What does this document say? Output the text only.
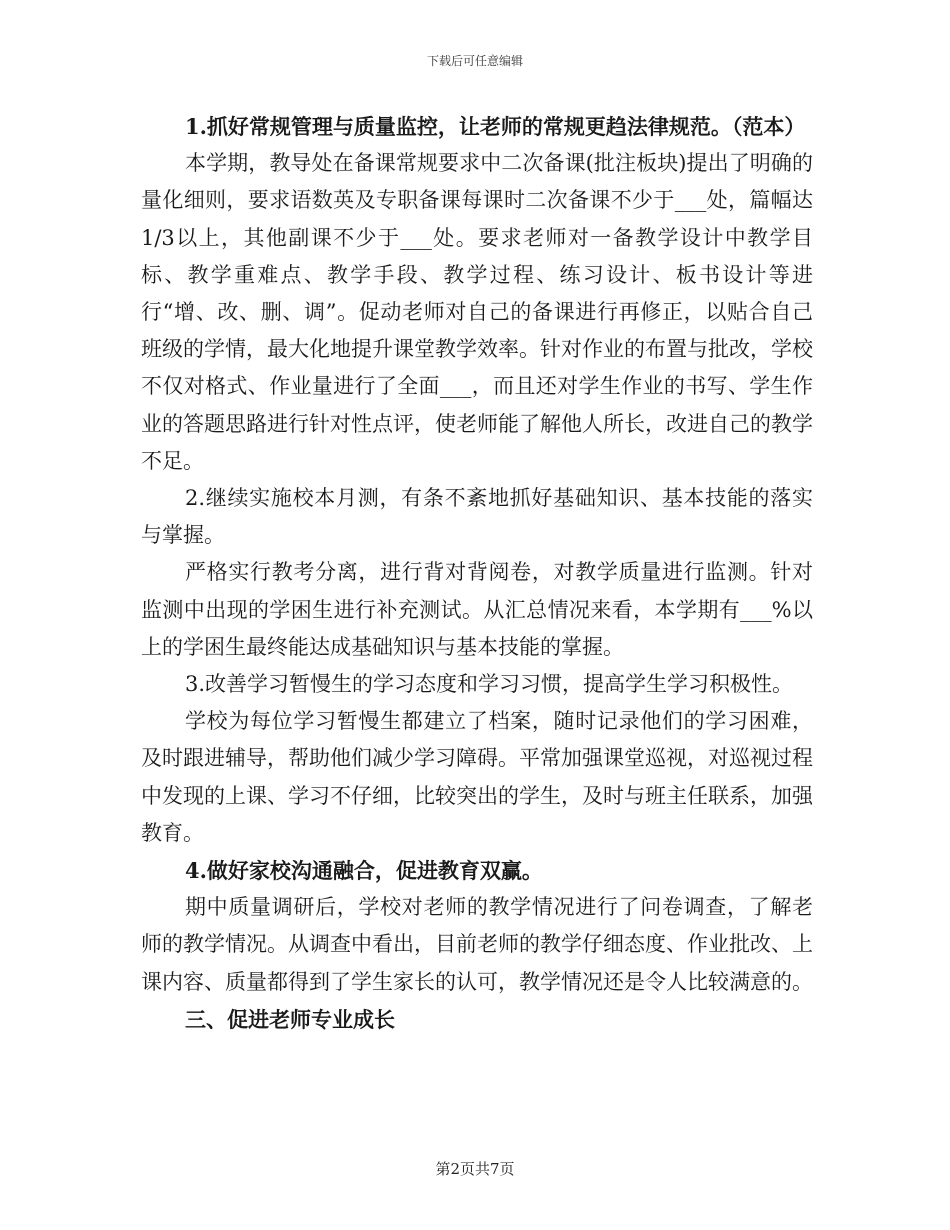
下载后可任意编辑

1.抓好常规管理与质量监控，让老师的常规更趋法律规范。（范本）

本学期，教导处在备课常规要求中二次备课(批注板块)提出了明确的量化细则，要求语数英及专职备课每课时二次备课不少于___处，篇幅达1/3以上，其他副课不少于___处。要求老师对一备教学设计中教学目标、教学重难点、教学手段、教学过程、练习设计、板书设计等进行“增、改、删、调”。促动老师对自己的备课进行再修正，以贴合自己班级的学情，最大化地提升课堂教学效率。针对作业的布置与批改，学校不仅对格式、作业量进行了全面___，而且还对学生作业的书写、学生作业的答题思路进行针对性点评，使老师能了解他人所长，改进自己的教学不足。

2.继续实施校本月测，有条不紊地抓好基础知识、基本技能的落实与掌握。

严格实行教考分离，进行背对背阅卷，对教学质量进行监测。针对监测中出现的学困生进行补充测试。从汇总情况来看，本学期有___%以上的学困生最终能达成基础知识与基本技能的掌握。

3.改善学习暂慢生的学习态度和学习习惯，提高学生学习积极性。

学校为每位学习暂慢生都建立了档案，随时记录他们的学习困难，及时跟进辅导，帮助他们减少学习障碍。平常加强课堂巡视，对巡视过程中发现的上课、学习不仔细，比较突出的学生，及时与班主任联系，加强教育。

4.做好家校沟通融合，促进教育双赢。

期中质量调研后，学校对老师的教学情况进行了问卷调查，了解老师的教学情况。从调查中看出，目前老师的教学仔细态度、作业批改、上课内容、质量都得到了学生家长的认可，教学情况还是令人比较满意的。

三、促进老师专业成长

第2页共7页
